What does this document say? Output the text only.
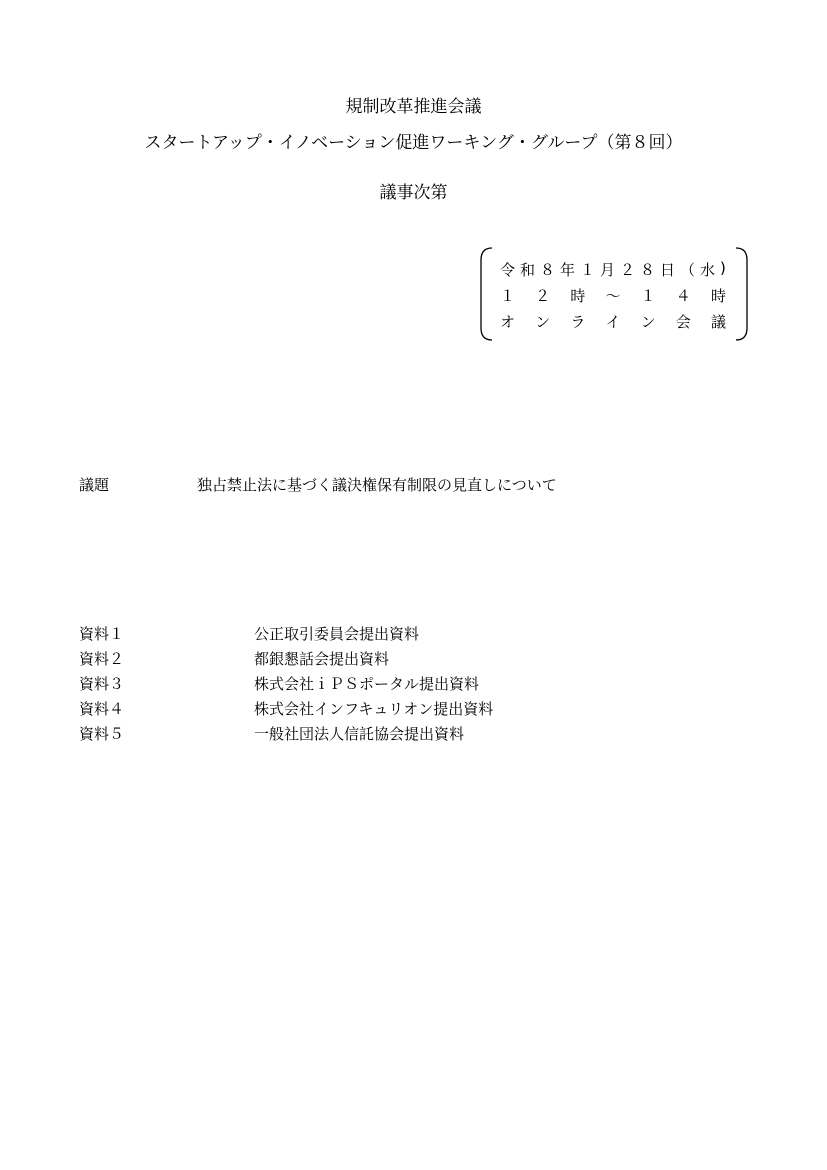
規制改革推進会議
スタートアップ・イノベーション促進ワーキング・グループ（第８回）
議事次第
令 和 ８ 年 １ 月 ２ ８ 日 （ 水 )
１ ２ 時 ～ １ ４ 時
オ ン ラ イ ン 会 議
議題	独占禁止法に基づく議決権保有制限の見直しについて
資料１	公正取引委員会提出資料
資料２	都銀懇話会提出資料
資料３	株式会社ｉＰＳポータル提出資料
資料４	株式会社インフキュリオン提出資料
資料５	一般社団法人信託協会提出資料
